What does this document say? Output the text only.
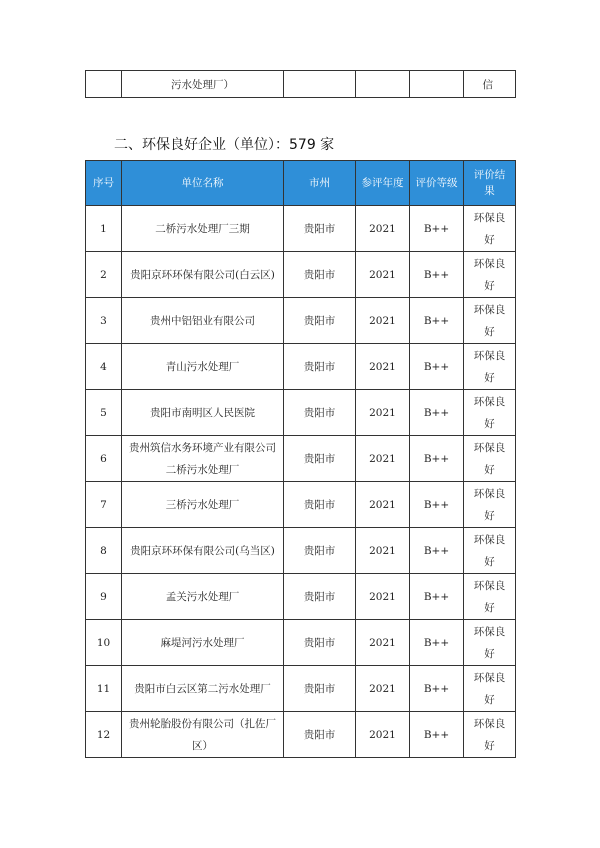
	污水处理厂）				信
二、环保良好企业（单位）：579 家
序号	单位名称	市州	参评年度	评价等级	评价结果
1	二桥污水处理厂三期	贵阳市	2021	B++	环保良好
2	贵阳京环环保有限公司(白云区)	贵阳市	2021	B++	环保良好
3	贵州中铝铝业有限公司	贵阳市	2021	B++	环保良好
4	青山污水处理厂	贵阳市	2021	B++	环保良好
5	贵阳市南明区人民医院	贵阳市	2021	B++	环保良好
6	贵州筑信水务环境产业有限公司二桥污水处理厂	贵阳市	2021	B++	环保良好
7	三桥污水处理厂	贵阳市	2021	B++	环保良好
8	贵阳京环环保有限公司(乌当区)	贵阳市	2021	B++	环保良好
9	孟关污水处理厂	贵阳市	2021	B++	环保良好
10	麻堤河污水处理厂	贵阳市	2021	B++	环保良好
11	贵阳市白云区第二污水处理厂	贵阳市	2021	B++	环保良好
12	贵州轮胎股份有限公司（扎佐厂区）	贵阳市	2021	B++	环保良好
